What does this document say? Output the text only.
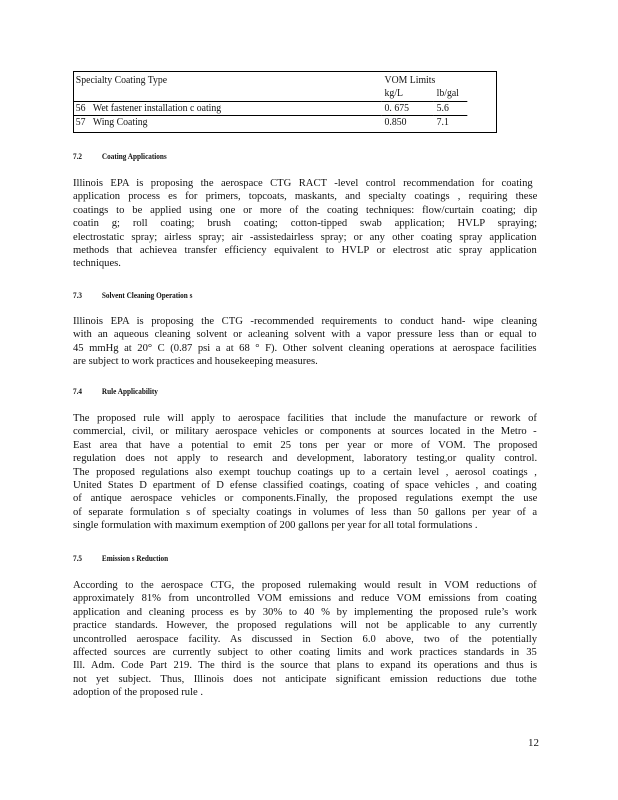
Specialty Coating Type	VOM Limits	
	kg/L	lb/gal
56 Wet fastener installation c oating	0. 675	5.6
57 Wing Coating	0.850	7.1
7.2 Coating Applications
Illinois EPA is proposing the aerospace CTG RACT -level control recommendation for coating
application process es for primers, topcoats, maskants, and specialty coatings , requiring these
coatings to be applied using one or more of the coating techniques: flow/curtain coating; dip
coatin g; roll coating; brush coating; cotton-tipped swab application; HVLP spraying;
electrostatic spray; airless spray; air -assistedairless spray; or any other coating spray application
methods that achievea transfer efficiency equivalent to HVLP or electrost atic spray application
techniques.
7.3 Solvent Cleaning Operation s
Illinois EPA is proposing the CTG -recommended requirements to conduct hand- wipe cleaning
with an aqueous cleaning solvent or acleaning solvent with a vapor pressure less than or equal to
45 mmHg at 20° C (0.87 psi a at 68 ° F). Other solvent cleaning operations at aerospace facilities
are subject to work practices and housekeeping measures.
7.4 Rule Applicability
The proposed rule will apply to aerospace facilities that include the manufacture or rework of
commercial, civil, or military aerospace vehicles or components at sources located in the Metro -
East area that have a potential to emit 25 tons per year or more of VOM. The proposed
regulation does not apply to research and development, laboratory testing,or quality control.
The proposed regulations also exempt touchup coatings up to a certain level , aerosol coatings ,
United States D epartment of D efense classified coatings, coating of space vehicles , and coating
of antique aerospace vehicles or components.Finally, the proposed regulations exempt the use
of separate formulation s of specialty coatings in volumes of less than 50 gallons per year of a
single formulation with maximum exemption of 200 gallons per year for all total formulations .
7.5 Emission s Reduction
According to the aerospace CTG, the proposed rulemaking would result in VOM reductions of
approximately 81% from uncontrolled VOM emissions and reduce VOM emissions from coating
application and cleaning process es by 30% to 40 % by implementing the proposed rule’s work
practice standards. However, the proposed regulations will not be applicable to any currently
uncontrolled aerospace facility. As discussed in Section 6.0 above, two of the potentially
affected sources are currently subject to other coating limits and work practices standards in 35
Ill. Adm. Code Part 219. The third is the source that plans to expand its operations and thus is
not yet subject. Thus, Illinois does not anticipate significant emission reductions due tothe
adoption of the proposed rule .
12
